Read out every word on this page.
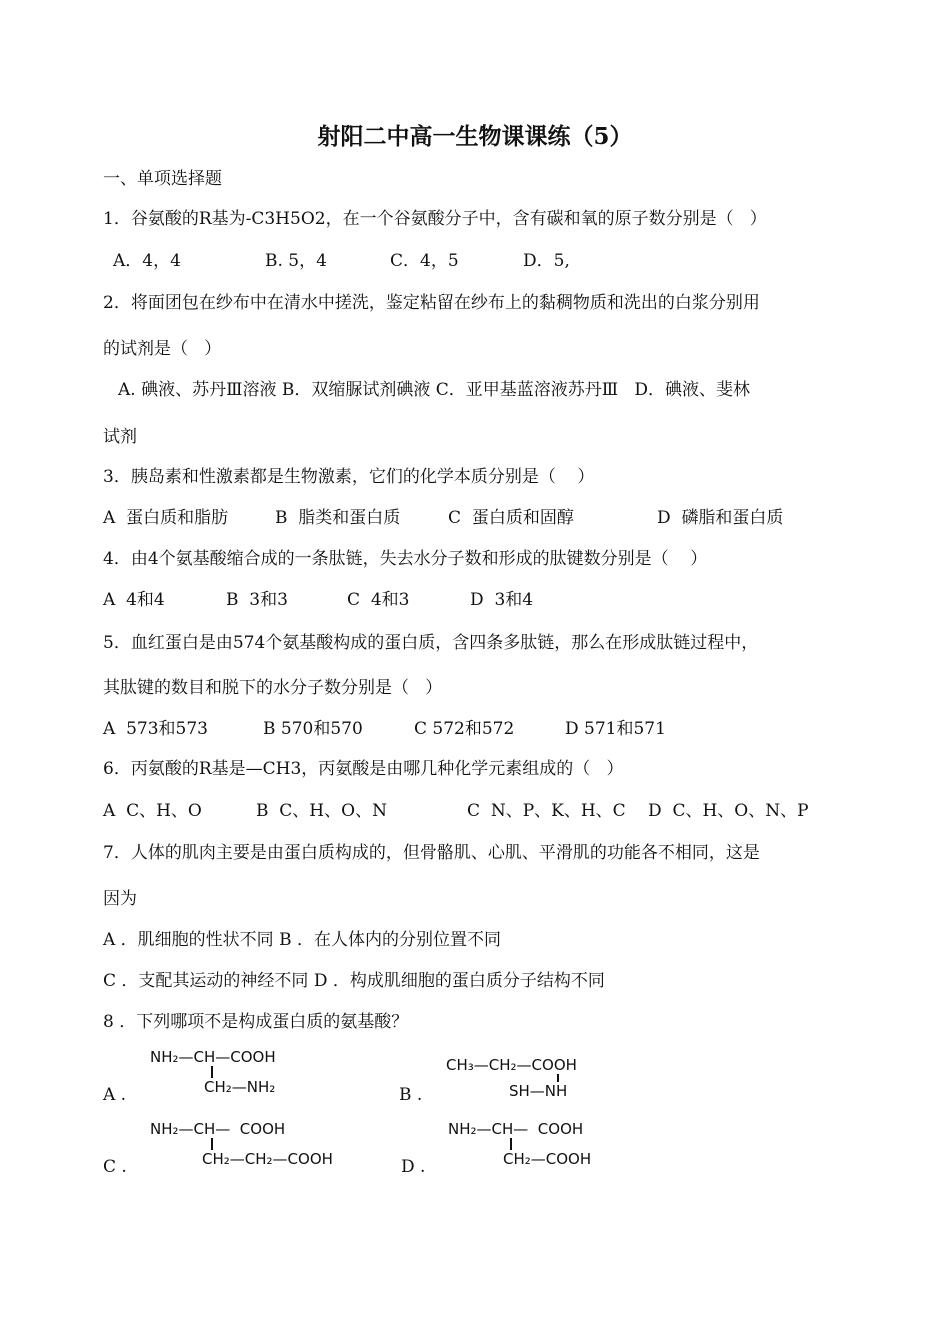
射阳二中高一生物课课练（5）
一、单项选择题
1．谷氨酸的R基为-C3H5O2，在一个谷氨酸分子中，含有碳和氧的原子数分别是（   ）
A．4，4	B. 5，4	C．4，5	D．5,
2．将面团包在纱布中在清水中搓洗，鉴定粘留在纱布上的黏稠物质和洗出的白浆分别用
的试剂是（   ）
A. 碘液、苏丹Ⅲ溶液 B．双缩脲试剂碘液 C．亚甲基蓝溶液苏丹Ⅲ   D．碘液、斐林
试剂
3．胰岛素和性激素都是生物激素，它们的化学本质分别是（    ）
A  蛋白质和脂肪	B  脂类和蛋白质	C  蛋白质和固醇	D  磷脂和蛋白质
4．由4个氨基酸缩合成的一条肽链，失去水分子数和形成的肽键数分别是（    ）
A  4和4	B  3和3	C  4和3	D  3和4
5．血红蛋白是由574个氨基酸构成的蛋白质，含四条多肽链，那么在形成肽链过程中，
其肽键的数目和脱下的水分子数分别是（   ）
A  573和573	B 570和570	C 572和572	D 571和571
6．丙氨酸的R基是—CH3，丙氨酸是由哪几种化学元素组成的（   ）
A  C、H、O	B  C、H、O、N	C  N、P、K、H、C D  C、H、O、N、P
7．人体的肌肉主要是由蛋白质构成的，但骨骼肌、心肌、平滑肌的功能各不相同，这是
因为
A ．肌细胞的性状不同 B ．在人体内的分别位置不同
C ．支配其运动的神经不同 D ．构成肌细胞的蛋白质分子结构不同
8 ．下列哪项不是构成蛋白质的氨基酸？
NH₂—CH—COOH
CH₂—NH₂
A .
CH₃—CH₂—COOH
SH—NH
B .
NH₂—CH—  COOH
CH₂—CH₂—COOH
C .
NH₂—CH—  COOH
CH₂—COOH
D .
